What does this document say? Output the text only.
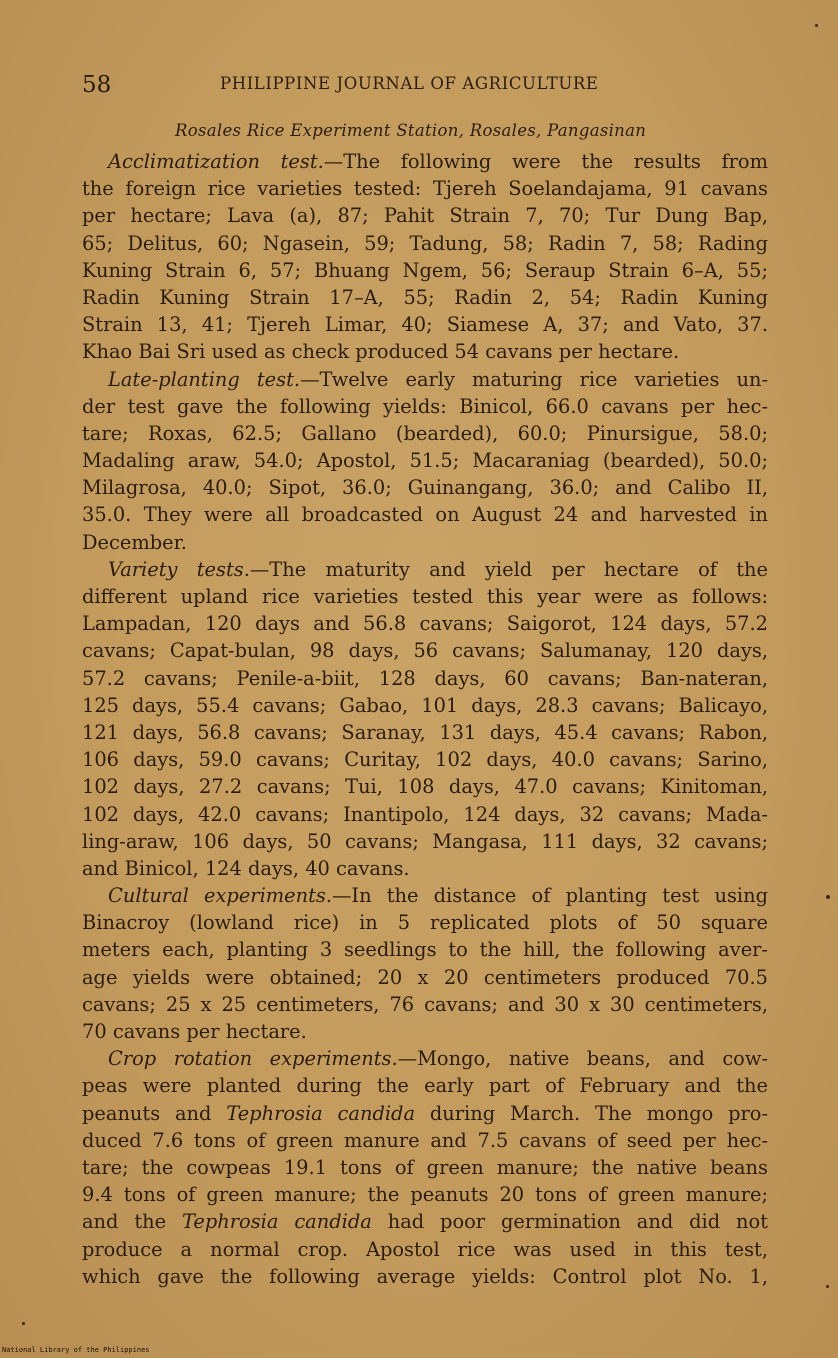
58	PHILIPPINE JOURNAL OF AGRICULTURE
Rosales Rice Experiment Station, Rosales, Pangasinan
Acclimatization test.—The following were the results from
the foreign rice varieties tested: Tjereh Soelandajama, 91 cavans
per hectare; Lava (a), 87; Pahit Strain 7, 70; Tur Dung Bap,
65; Delitus, 60; Ngasein, 59; Tadung, 58; Radin 7, 58; Rading
Kuning Strain 6, 57; Bhuang Ngem, 56; Seraup Strain 6–A, 55;
Radin Kuning Strain 17–A, 55; Radin 2, 54; Radin Kuning
Strain 13, 41; Tjereh Limar, 40; Siamese A, 37; and Vato, 37.
Khao Bai Sri used as check produced 54 cavans per hectare.
Late-planting test.—Twelve early maturing rice varieties un-
der test gave the following yields: Binicol, 66.0 cavans per hec-
tare; Roxas, 62.5; Gallano (bearded), 60.0; Pinursigue, 58.0;
Madaling araw, 54.0; Apostol, 51.5; Macaraniag (bearded), 50.0;
Milagrosa, 40.0; Sipot, 36.0; Guinangang, 36.0; and Calibo II,
35.0. They were all broadcasted on August 24 and harvested in
December.
Variety tests.—The maturity and yield per hectare of the
different upland rice varieties tested this year were as follows:
Lampadan, 120 days and 56.8 cavans; Saigorot, 124 days, 57.2
cavans; Capat-bulan, 98 days, 56 cavans; Salumanay, 120 days,
57.2 cavans; Penile-a-biit, 128 days, 60 cavans; Ban-nateran,
125 days, 55.4 cavans; Gabao, 101 days, 28.3 cavans; Balicayo,
121 days, 56.8 cavans; Saranay, 131 days, 45.4 cavans; Rabon,
106 days, 59.0 cavans; Curitay, 102 days, 40.0 cavans; Sarino,
102 days, 27.2 cavans; Tui, 108 days, 47.0 cavans; Kinitoman,
102 days, 42.0 cavans; Inantipolo, 124 days, 32 cavans; Mada-
ling-araw, 106 days, 50 cavans; Mangasa, 111 days, 32 cavans;
and Binicol, 124 days, 40 cavans.
Cultural experiments.—In the distance of planting test using
Binacroy (lowland rice) in 5 replicated plots of 50 square
meters each, planting 3 seedlings to the hill, the following aver-
age yields were obtained; 20 x 20 centimeters produced 70.5
cavans; 25 x 25 centimeters, 76 cavans; and 30 x 30 centimeters,
70 cavans per hectare.
Crop rotation experiments.—Mongo, native beans, and cow-
peas were planted during the early part of February and the
peanuts and Tephrosia candida during March. The mongo pro-
duced 7.6 tons of green manure and 7.5 cavans of seed per hec-
tare; the cowpeas 19.1 tons of green manure; the native beans
9.4 tons of green manure; the peanuts 20 tons of green manure;
and the Tephrosia candida had poor germination and did not
produce a normal crop. Apostol rice was used in this test,
which gave the following average yields: Control plot No. 1,
National Library of the Philippines
